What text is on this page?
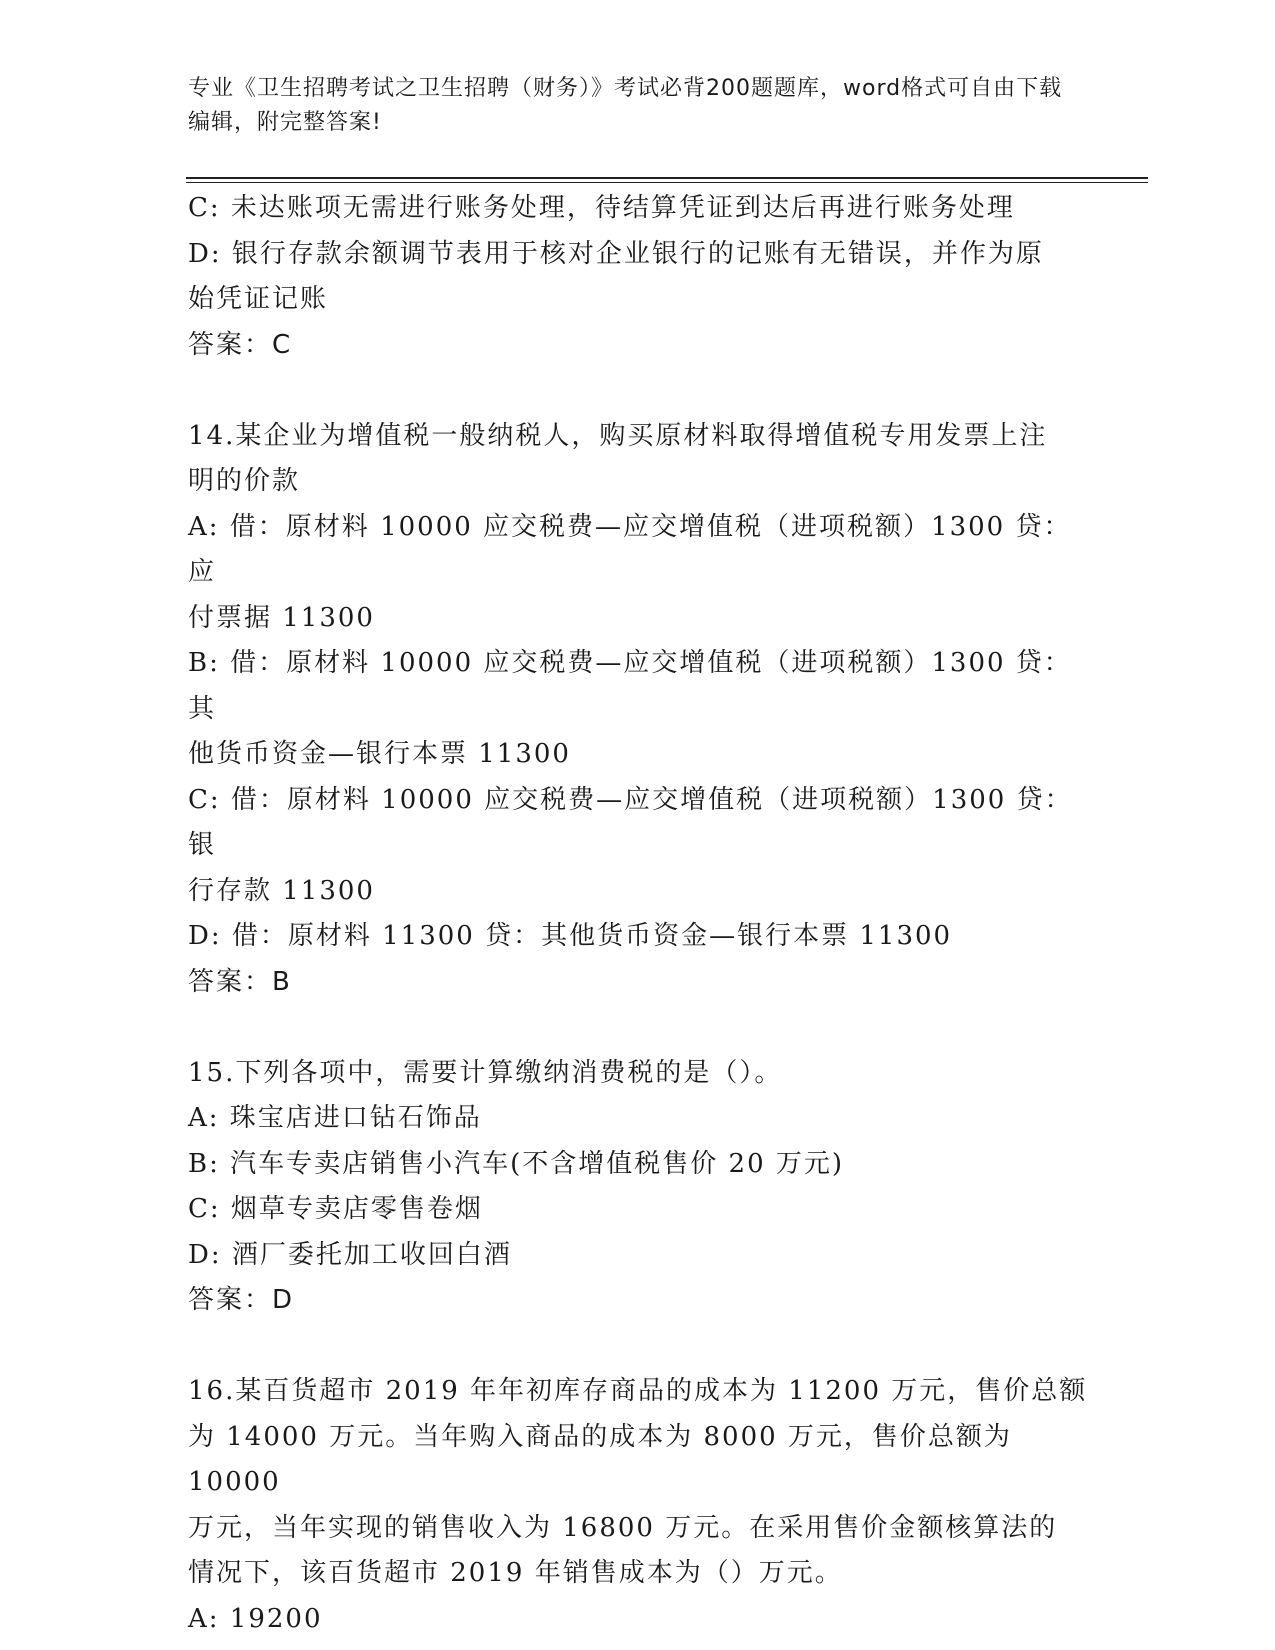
专业《卫生招聘考试之卫生招聘（财务）》考试必背200题题库，word格式可自由下载编辑，附完整答案!
C: 未达账项无需进行账务处理，待结算凭证到达后再进行账务处理
D: 银行存款余额调节表用于核对企业银行的记账有无错误，并作为原
始凭证记账
答案：C
14.某企业为增值税一般纳税人，购买原材料取得增值税专用发票上注
明的价款
A: 借：原材料 10000 应交税费—应交增值税（进项税额）1300 贷：应
付票据 11300
B: 借：原材料 10000 应交税费—应交增值税（进项税额）1300 贷：其
他货币资金—银行本票 11300
C: 借：原材料 10000 应交税费—应交增值税（进项税额）1300 贷：银
行存款 11300
D: 借：原材料 11300 贷：其他货币资金—银行本票 11300
答案：B
15.下列各项中，需要计算缴纳消费税的是（）。
A: 珠宝店进口钻石饰品
B: 汽车专卖店销售小汽车(不含增值税售价 20 万元)
C: 烟草专卖店零售卷烟
D: 酒厂委托加工收回白酒
答案：D
16.某百货超市 2019 年年初库存商品的成本为 11200 万元，售价总额
为 14000 万元。当年购入商品的成本为 8000 万元，售价总额为 10000
万元，当年实现的销售收入为 16800 万元。在采用售价金额核算法的
情况下，该百货超市 2019 年销售成本为（）万元。
A: 19200
